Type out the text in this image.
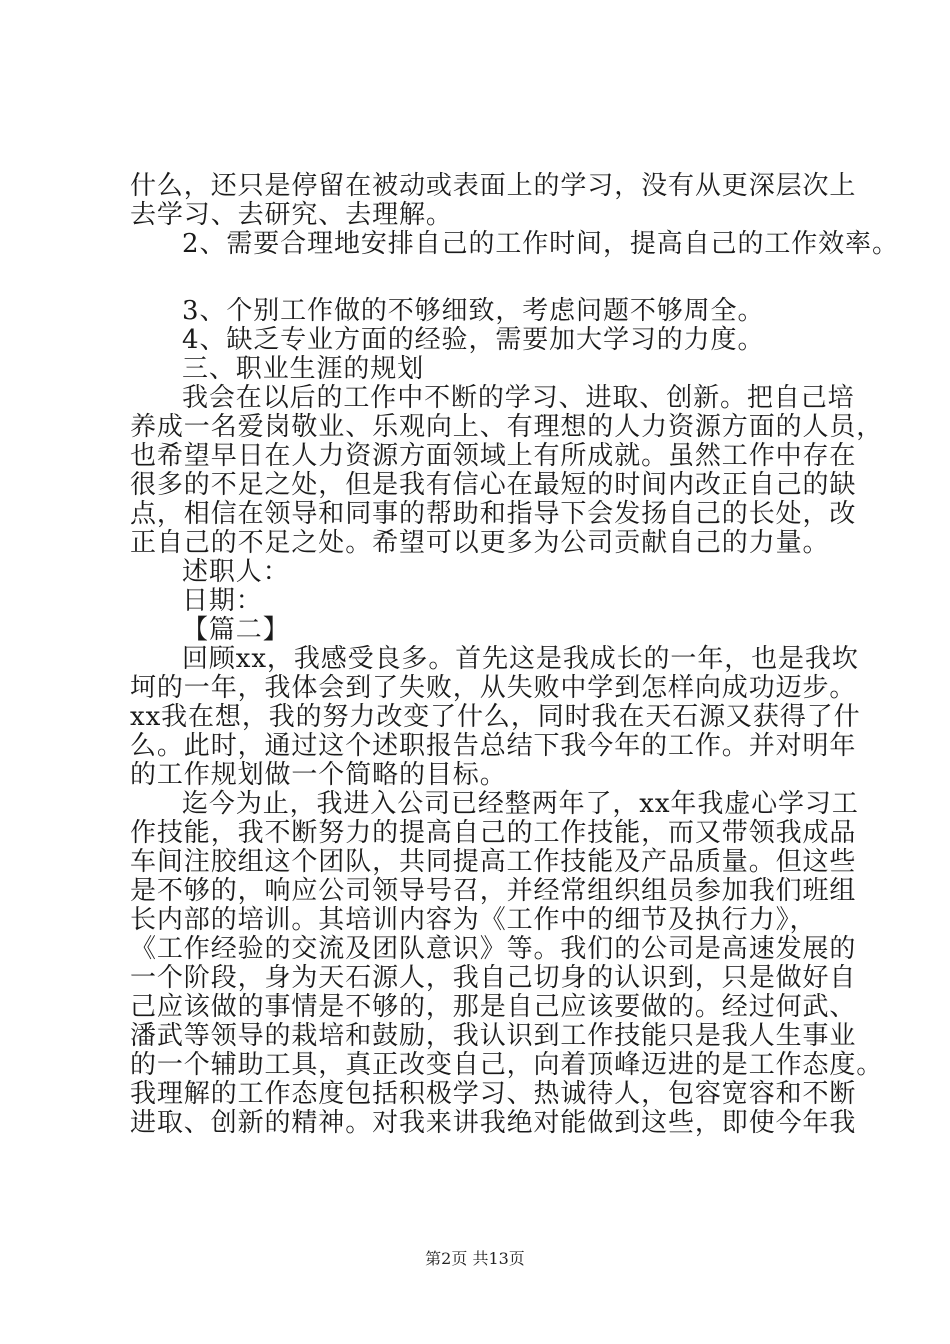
什么，还只是停留在被动或表面上的学习，没有从更深层次上
去学习、去研究、去理解。
2、需要合理地安排自己的工作时间，提高自己的工作效率。
3、个别工作做的不够细致，考虑问题不够周全。
4、缺乏专业方面的经验，需要加大学习的力度。
三、职业生涯的规划
我会在以后的工作中不断的学习、进取、创新。把自己培
养成一名爱岗敬业、乐观向上、有理想的人力资源方面的人员，
也希望早日在人力资源方面领域上有所成就。虽然工作中存在
很多的不足之处，但是我有信心在最短的时间内改正自己的缺
点，相信在领导和同事的帮助和指导下会发扬自己的长处，改
正自己的不足之处。希望可以更多为公司贡献自己的力量。
述职人：
日期：
【篇二】
回顾xx，我感受良多。首先这是我成长的一年，也是我坎
坷的一年，我体会到了失败，从失败中学到怎样向成功迈步。
xx我在想，我的努力改变了什么，同时我在天石源又获得了什
么。此时，通过这个述职报告总结下我今年的工作。并对明年
的工作规划做一个简略的目标。
迄今为止，我进入公司已经整两年了，xx年我虚心学习工
作技能，我不断努力的提高自己的工作技能，而又带领我成品
车间注胶组这个团队，共同提高工作技能及产品质量。但这些
是不够的，响应公司领导号召，并经常组织组员参加我们班组
长内部的培训。其培训内容为《工作中的细节及执行力》，
《工作经验的交流及团队意识》等。我们的公司是高速发展的
一个阶段，身为天石源人，我自己切身的认识到，只是做好自
己应该做的事情是不够的，那是自己应该要做的。经过何武、
潘武等领导的栽培和鼓励，我认识到工作技能只是我人生事业
的一个辅助工具，真正改变自己，向着顶峰迈进的是工作态度。
我理解的工作态度包括积极学习、热诚待人，包容宽容和不断
进取、创新的精神。对我来讲我绝对能做到这些，即使今年我
第2页 共13页
